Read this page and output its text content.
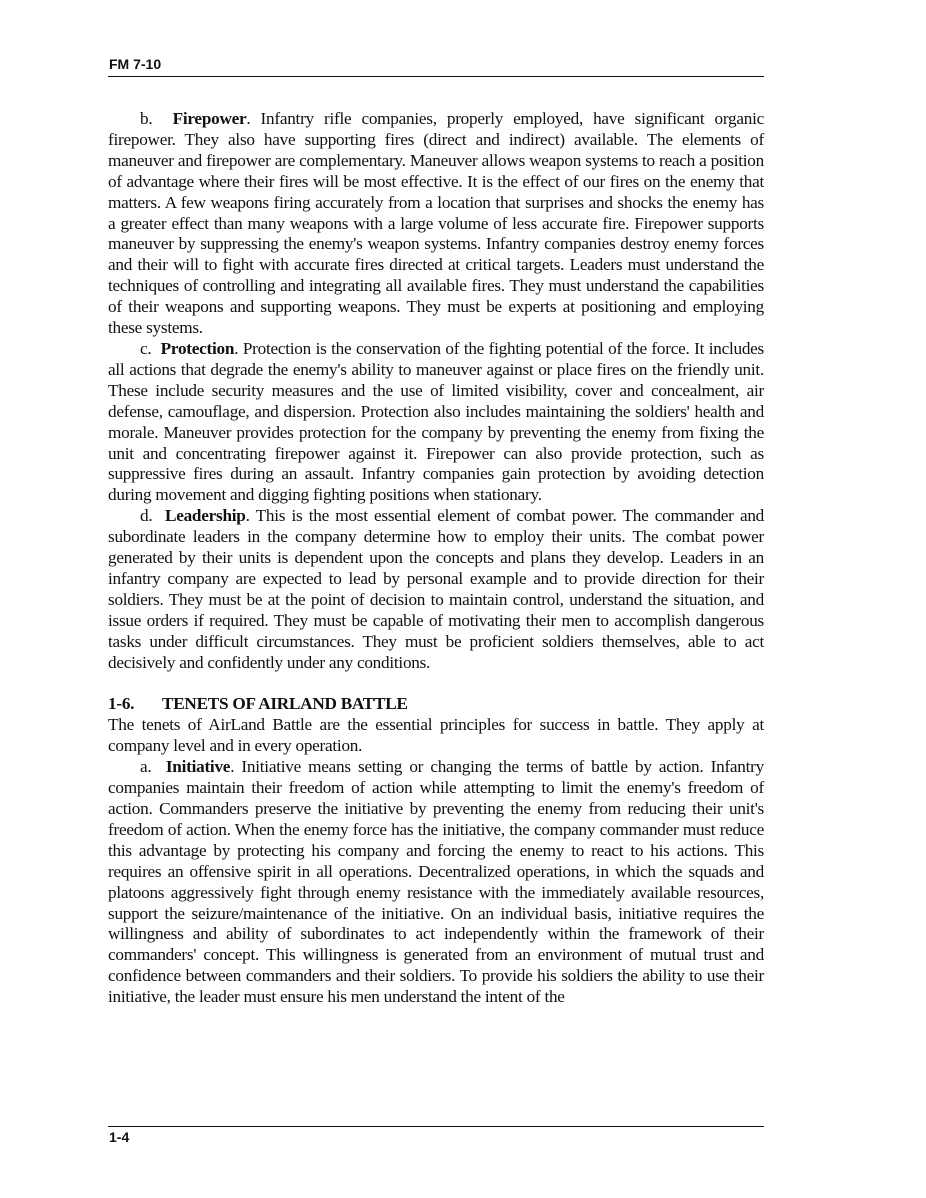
FM 7-10

b. Firepower. Infantry rifle companies, properly employed, have significant organic firepower. They also have supporting fires (direct and indirect) available. The elements of maneuver and firepower are complementary. Maneuver allows weapon systems to reach a position of advantage where their fires will be most effective. It is the effect of our fires on the enemy that matters. A few weapons firing accurately from a location that surprises and shocks the enemy has a greater effect than many weapons with a large volume of less accurate fire. Firepower supports maneuver by suppressing the enemy's weapon systems. Infantry companies destroy enemy forces and their will to fight with accurate fires directed at critical targets. Leaders must understand the techniques of controlling and integrating all available fires. They must understand the capabilities of their weapons and supporting weapons. They must be experts at positioning and employing these systems.

c. Protection. Protection is the conservation of the fighting potential of the force. It includes all actions that degrade the enemy's ability to maneuver against or place fires on the friendly unit. These include security measures and the use of limited visibility, cover and concealment, air defense, camouflage, and dispersion. Protection also includes maintaining the soldiers' health and morale. Maneuver provides protection for the company by preventing the enemy from fixing the unit and concentrating firepower against it. Firepower can also provide protection, such as suppressive fires during an assault. Infantry companies gain protection by avoiding detection during movement and digging fighting positions when stationary.

d. Leadership. This is the most essential element of combat power. The commander and subordinate leaders in the company determine how to employ their units. The combat power generated by their units is dependent upon the concepts and plans they develop. Leaders in an infantry company are expected to lead by personal example and to provide direction for their soldiers. They must be at the point of decision to maintain control, understand the situation, and issue orders if required. They must be capable of motivating their men to accomplish dangerous tasks under difficult circumstances. They must be proficient soldiers themselves, able to act decisively and confidently under any conditions.

1-6. TENETS OF AIRLAND BATTLE

The tenets of AirLand Battle are the essential principles for success in battle. They apply at company level and in every operation.

a. Initiative. Initiative means setting or changing the terms of battle by action. Infantry companies maintain their freedom of action while attempting to limit the enemy's freedom of action. Commanders preserve the initiative by preventing the enemy from reducing their unit's freedom of action. When the enemy force has the initiative, the company commander must reduce this advantage by protecting his company and forcing the enemy to react to his actions. This requires an offensive spirit in all operations. Decentralized operations, in which the squads and platoons aggressively fight through enemy resistance with the immediately available resources, support the seizure/maintenance of the initiative. On an individual basis, initiative requires the willingness and ability of subordinates to act independently within the framework of their commanders' concept. This willingness is generated from an environment of mutual trust and confidence between commanders and their soldiers. To provide his soldiers the ability to use their initiative, the leader must ensure his men understand the intent of the

1-4
